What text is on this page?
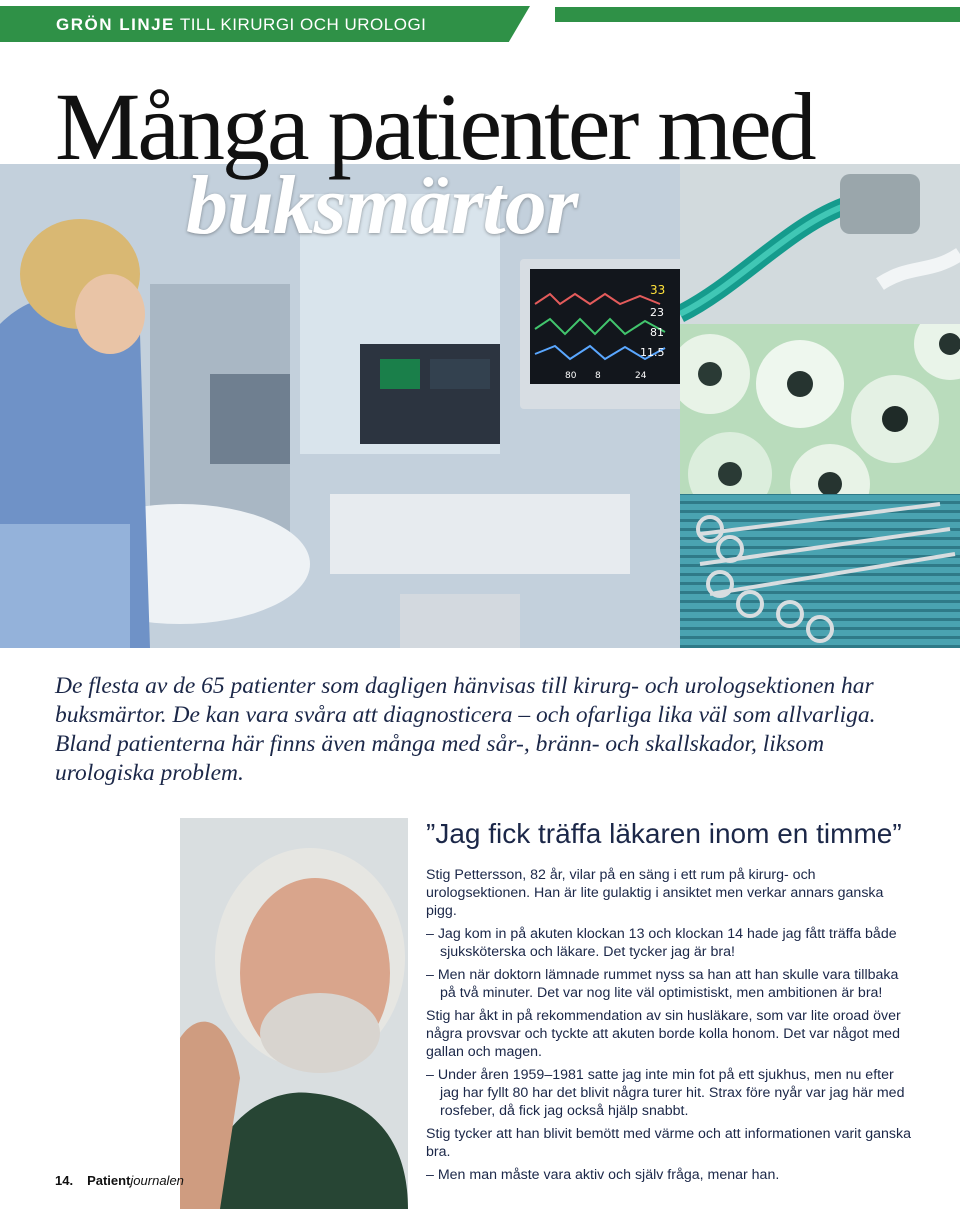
GRÖN LINJE TILL KIRURGI OCH UROLOGI
33
23
81
11.5
80 8	24
Många patienter med
buksmärtor
De flesta av de 65 patienter som dagligen hänvisas till kirurg- och urologsektionen har buksmärtor. De kan vara svåra att diagnosticera – och ofarliga lika väl som allvarliga. Bland patienterna här finns även många med sår-, bränn- och skallskador, liksom urologiska problem.
”Jag fick träffa läkaren inom en timme”

Stig Pettersson, 82 år, vilar på en säng i ett rum på kirurg- och urologsektionen. Han är lite gulaktig i ansiktet men verkar annars ganska pigg.

– Jag kom in på akuten klockan 13 och klockan 14 hade jag fått träffa både sjuksköterska och läkare. Det tycker jag är bra!

– Men när doktorn lämnade rummet nyss sa han att han skulle vara tillbaka på två minuter. Det var nog lite väl optimistiskt, men ambitionen är bra!

Stig har åkt in på rekommendation av sin husläkare, som var lite oroad över några provsvar och tyckte att akuten borde kolla honom. Det var något med gallan och magen.

– Under åren 1959–1981 satte jag inte min fot på ett sjukhus, men nu efter jag har fyllt 80 har det blivit några turer hit. Strax före nyår var jag här med rosfeber, då fick jag också hjälp snabbt.

Stig tycker att han blivit bemött med värme och att informationen varit ganska bra.

– Men man måste vara aktiv och själv fråga, menar han.

14. Patientjournalen
